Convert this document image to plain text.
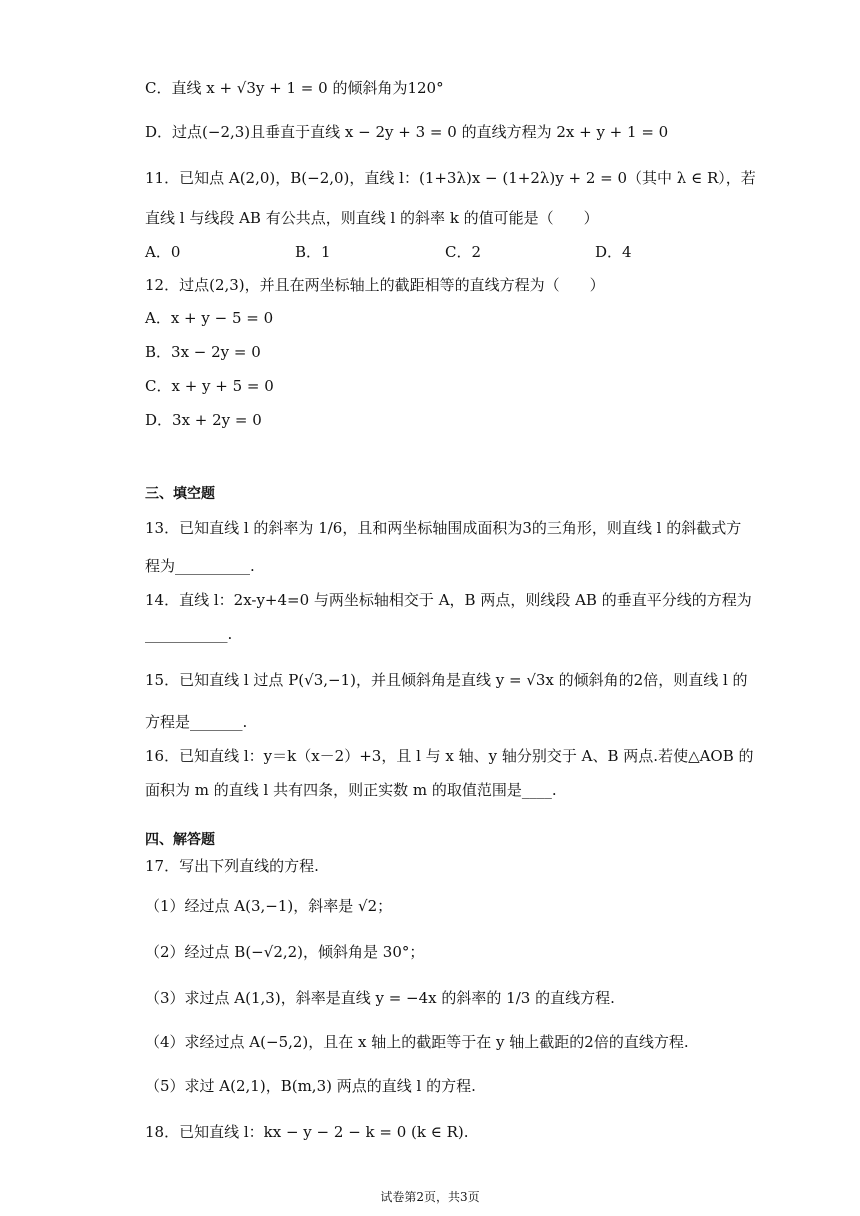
C．直线 x + √3y + 1 = 0 的倾斜角为120°
D．过点(−2,3)且垂直于直线 x − 2y + 3 = 0 的直线方程为 2x + y + 1 = 0
11．已知点 A(2,0)，B(−2,0)，直线 l：(1+3λ)x − (1+2λ)y + 2 = 0（其中 λ ∈ R），若
直线 l 与线段 AB 有公共点，则直线 l 的斜率 k 的值可能是（　　）
A．0	B．1	C．2	D．4
12．过点(2,3)，并且在两坐标轴上的截距相等的直线方程为（　　）
A．x + y − 5 = 0
B．3x − 2y = 0
C．x + y + 5 = 0
D．3x + 2y = 0
三、填空题
13．已知直线 l 的斜率为 1/6，且和两坐标轴围成面积为3的三角形，则直线 l 的斜截式方
程为__________.
14．直线 l：2x-y+4=0 与两坐标轴相交于 A，B 两点，则线段 AB 的垂直平分线的方程为
___________.
15．已知直线 l 过点 P(√3,−1)，并且倾斜角是直线 y = √3x 的倾斜角的2倍，则直线 l 的
方程是_______.
16．已知直线 l：y＝k（x－2）+3，且 l 与 x 轴、y 轴分别交于 A、B 两点.若使△AOB 的
面积为 m 的直线 l 共有四条，则正实数 m 的取值范围是____.
四、解答题
17．写出下列直线的方程.
（1）经过点 A(3,−1)，斜率是 √2；
（2）经过点 B(−√2,2)，倾斜角是 30°；
（3）求过点 A(1,3)，斜率是直线 y = −4x 的斜率的 1/3 的直线方程.
（4）求经过点 A(−5,2)，且在 x 轴上的截距等于在 y 轴上截距的2倍的直线方程.
（5）求过 A(2,1)，B(m,3) 两点的直线 l 的方程.
18．已知直线 l：kx − y − 2 − k = 0 (k ∈ R).
试卷第2页，共3页
